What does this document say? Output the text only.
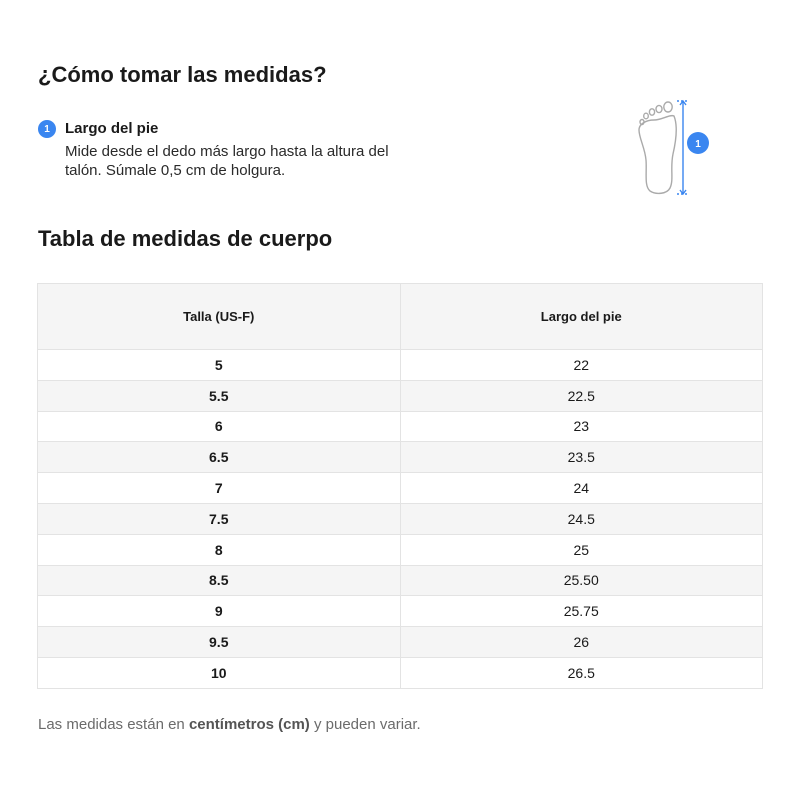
¿Cómo tomar las medidas?
1	Largo del pie
Mide desde el dedo más largo hasta la altura del talón. Súmale 0,5 cm de holgura.
1
Tabla de medidas de cuerpo
Talla (US-F)	Largo del pie
5	22
5.5	22.5
6	23
6.5	23.5
7	24
7.5	24.5
8	25
8.5	25.50
9	25.75
9.5	26
10	26.5
Las medidas están en centímetros (cm) y pueden variar.
